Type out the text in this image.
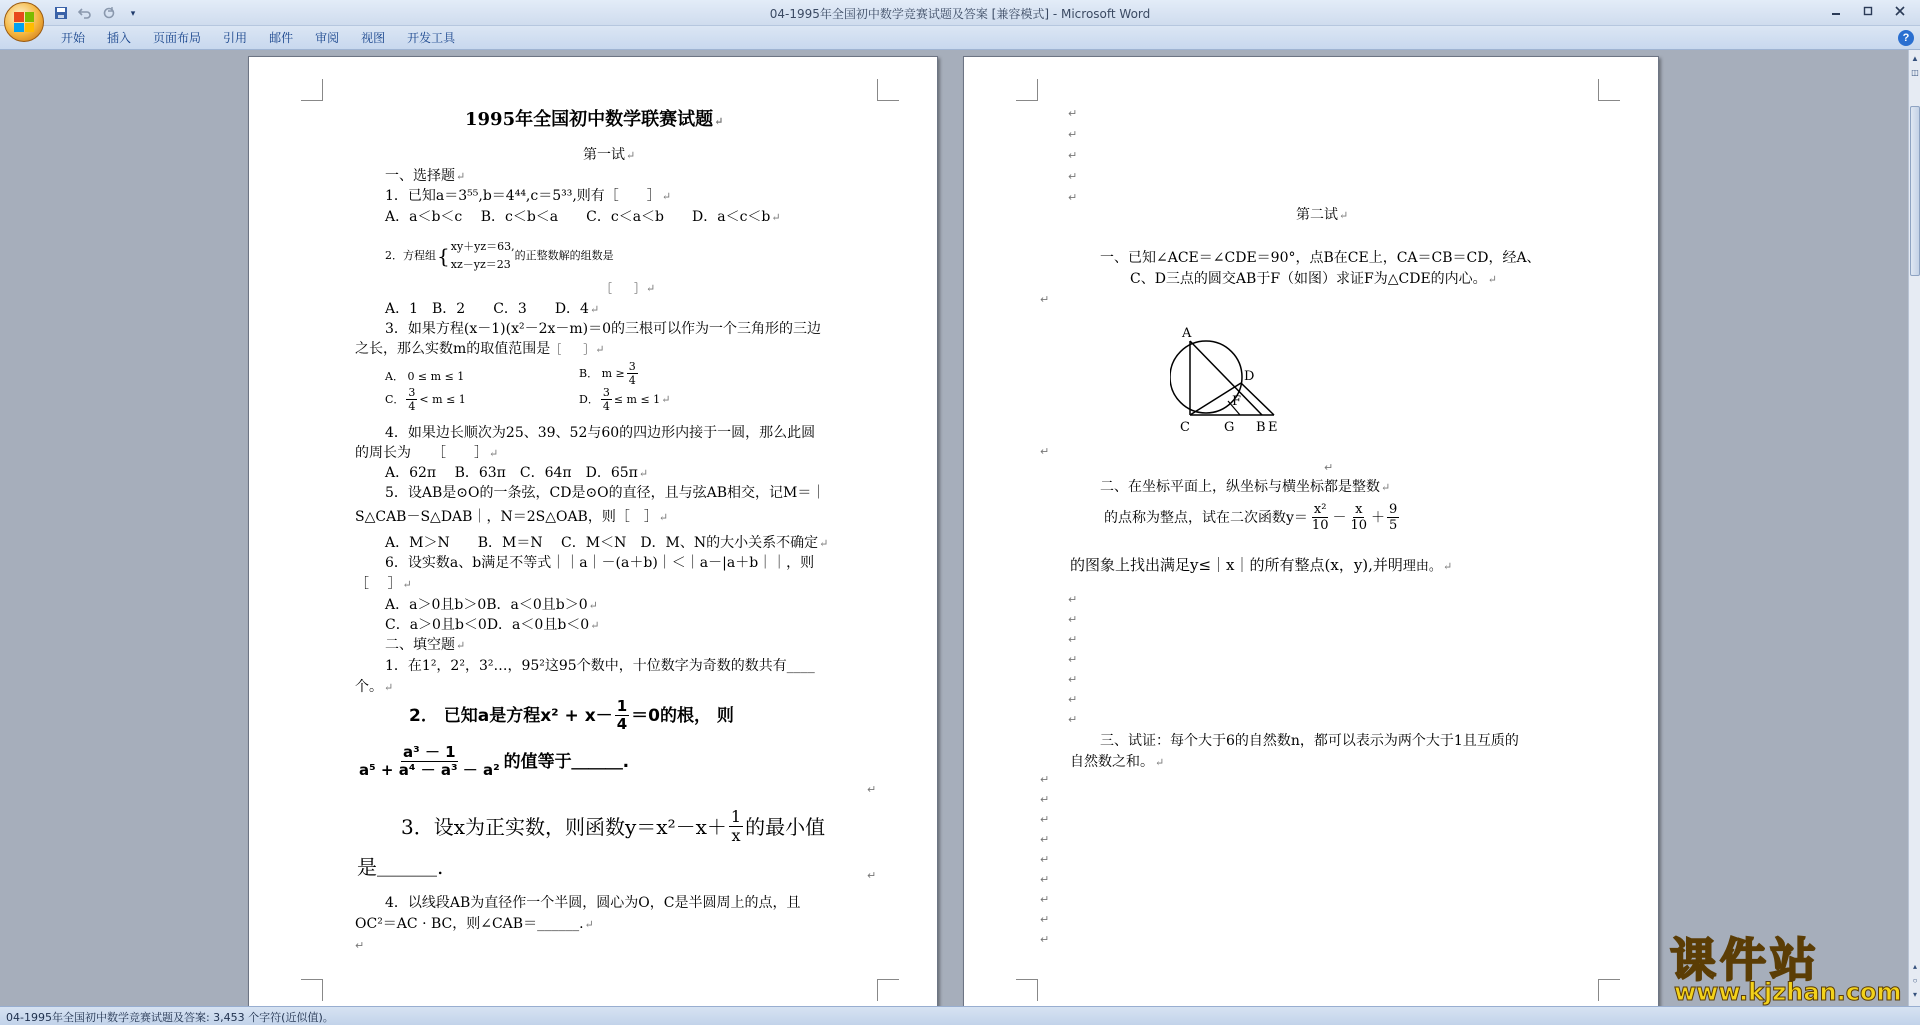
▾	04-1995年全国初中数学竞赛试题及答案 [兼容模式] - Microsoft Word
开始	插入	页面布局	引用	邮件	审阅	视图	开发工具	?
1995年全国初中数学联赛试题↵
第一试↵
一、选择题↵
1．已知a＝3⁵⁵,b＝4⁴⁴,c＝5³³,则有［　　］↵
A．a＜b＜c　 B．c＜b＜a　　C．c＜a＜b　　D．a＜c＜b↵
2．方程组 { xy＋yz＝63,
xz－yz＝23
的正整数解的组数是
［　　］↵
A．1　B．2　　C．3　　D．4↵
3．如果方程(x－1)(x²－2x－m)＝0的三根可以作为一个三角形的三边
之长，那么实数m的取值范围是［　　］↵
A． 0 ≤ m ≤ 1	B． $m \ge \frac{3}{4}$
C． $\frac{3}{4} < m \le 1$	D． $\frac{3}{4} \le m \le 1$ ↵
4．如果边长顺次为25、39、52与60的四边形内接于一圆，那么此圆
的周长为　　［　　］↵
A．62π　 B．63π　C．64π　D．65π↵
5．设AB是⊙O的一条弦，CD是⊙O的直径，且与弦AB相交，记M＝｜
S△CAB－S△DAB｜，N＝2S△OAB，则［　］↵
A．M＞N　　B．M＝N　 C．M＜N　D．M、N的大小关系不确定↵
6．设实数a、b满足不等式｜｜a｜－(a＋b)｜＜｜a－|a＋b｜｜，则
［　 ］↵
A．a＞0且b＞0B．a＜0且b＞0↵
C．a＞0且b＜0D．a＜0且b＜0↵
二、填空题↵
1．在1²，2²，3²…，95²这95个数中，十位数字为奇数的数共有____
个。↵
2． 已知a是方程$x^2 + x- \frac{1}{4} =0$的根， 则
$\frac{\text{a³ － 1}}{\text{a⁵ + a⁴ － a³ － a²}}$ 的值等于＿＿＿.
↵
3．设x为正实数，则函数$y=x^2-x+ \frac{1}{x}$ 的最小值
是＿＿＿.	↵
4．以线段AB为直径作一个半圆，圆心为O，C是半圆周上的点，且
OC²＝AC · BC，则∠CAB＝______.↵
↵
↵
↵
↵
↵
↵
第二试↵
一、已知∠ACE＝∠CDE＝90°，点B在CE上，CA＝CB＝CD，经A、
C、D三点的圆交AB于F（如图）求证F为△CDE的内心。↵
↵
A
D
F
C	G B E
↵
↵
二、在坐标平面上，纵坐标与横坐标都是整数↵
的点称为整点，试在二次函数$y= \frac{\text{x²}}{10} - \frac{x}{10} + \frac{9}{5}$
的图象上找出满足y≤｜x｜的所有整点(x，y),并明理由。↵
↵
↵
↵
↵
↵
↵
↵
三、试证：每个大于6的自然数n，都可以表示为两个大于1且互质的
自然数之和。↵
↵
↵
↵
↵
↵
↵
↵
↵
↵
▲
◫
▴
○
▾
04-1995年全国初中数学竞赛试题及答案: 3,453 个字符(近似值)。
课件站
www.kjzhan.com
